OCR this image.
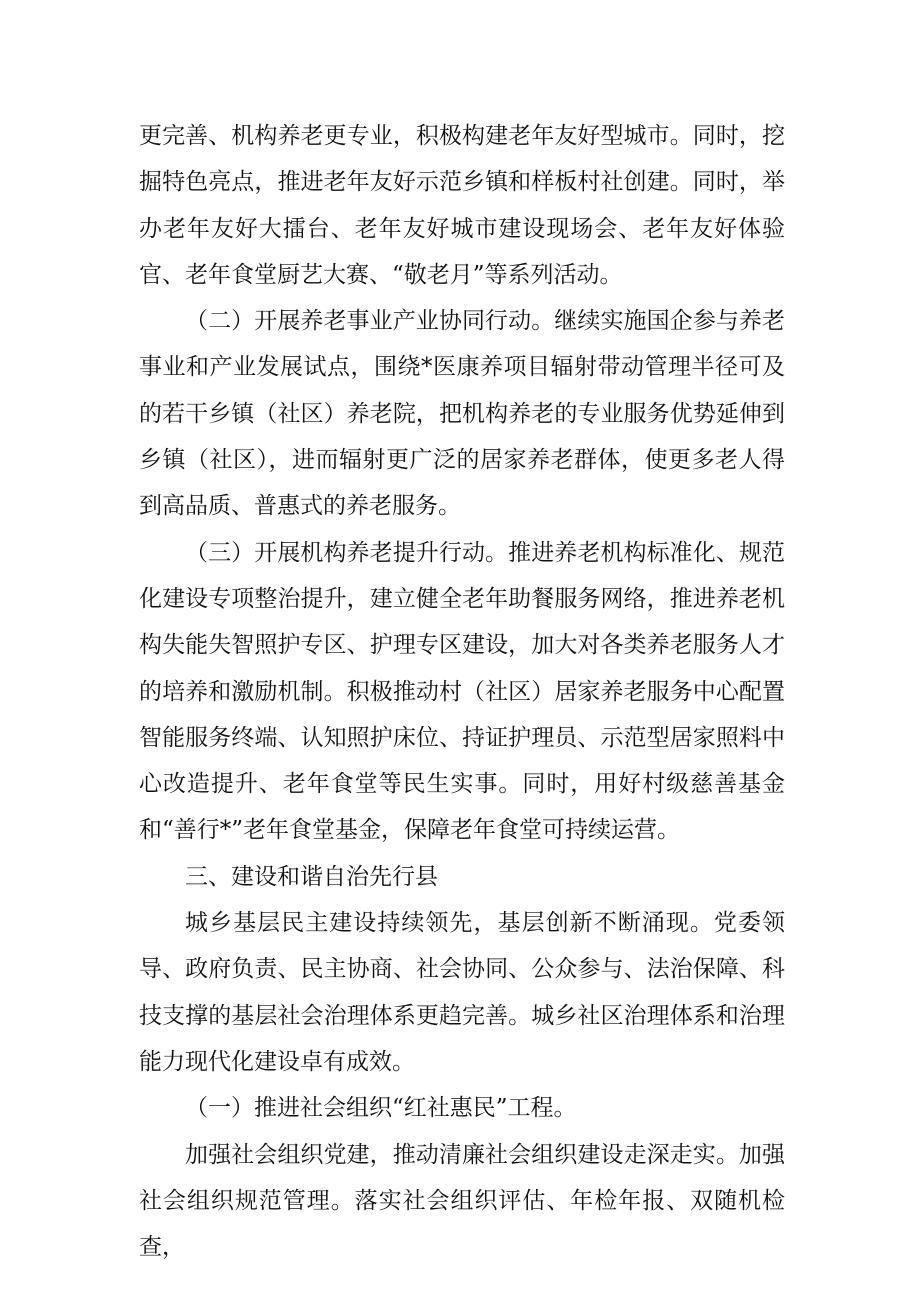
更完善、机构养老更专业，积极构建老年友好型城市。同时，挖掘特色亮点，推进老年友好示范乡镇和样板村社创建。同时，举办老年友好大擂台、老年友好城市建设现场会、老年友好体验官、老年食堂厨艺大赛、“敬老月”等系列活动。

（二）开展养老事业产业协同行动。继续实施国企参与养老事业和产业发展试点，围绕*医康养项目辐射带动管理半径可及的若干乡镇（社区）养老院，把机构养老的专业服务优势延伸到乡镇（社区），进而辐射更广泛的居家养老群体，使更多老人得到高品质、普惠式的养老服务。

（三）开展机构养老提升行动。推进养老机构标准化、规范化建设专项整治提升，建立健全老年助餐服务网络，推进养老机构失能失智照护专区、护理专区建设，加大对各类养老服务人才的培养和激励机制。积极推动村（社区）居家养老服务中心配置智能服务终端、认知照护床位、持证护理员、示范型居家照料中心改造提升、老年食堂等民生实事。同时，用好村级慈善基金和“善行*”老年食堂基金，保障老年食堂可持续运营。

三、建设和谐自治先行县

城乡基层民主建设持续领先，基层创新不断涌现。党委领导、政府负责、民主协商、社会协同、公众参与、法治保障、科技支撑的基层社会治理体系更趋完善。城乡社区治理体系和治理能力现代化建设卓有成效。

（一）推进社会组织“红社惠民”工程。

加强社会组织党建，推动清廉社会组织建设走深走实。加强社会组织规范管理。落实社会组织评估、年检年报、双随机检查，
